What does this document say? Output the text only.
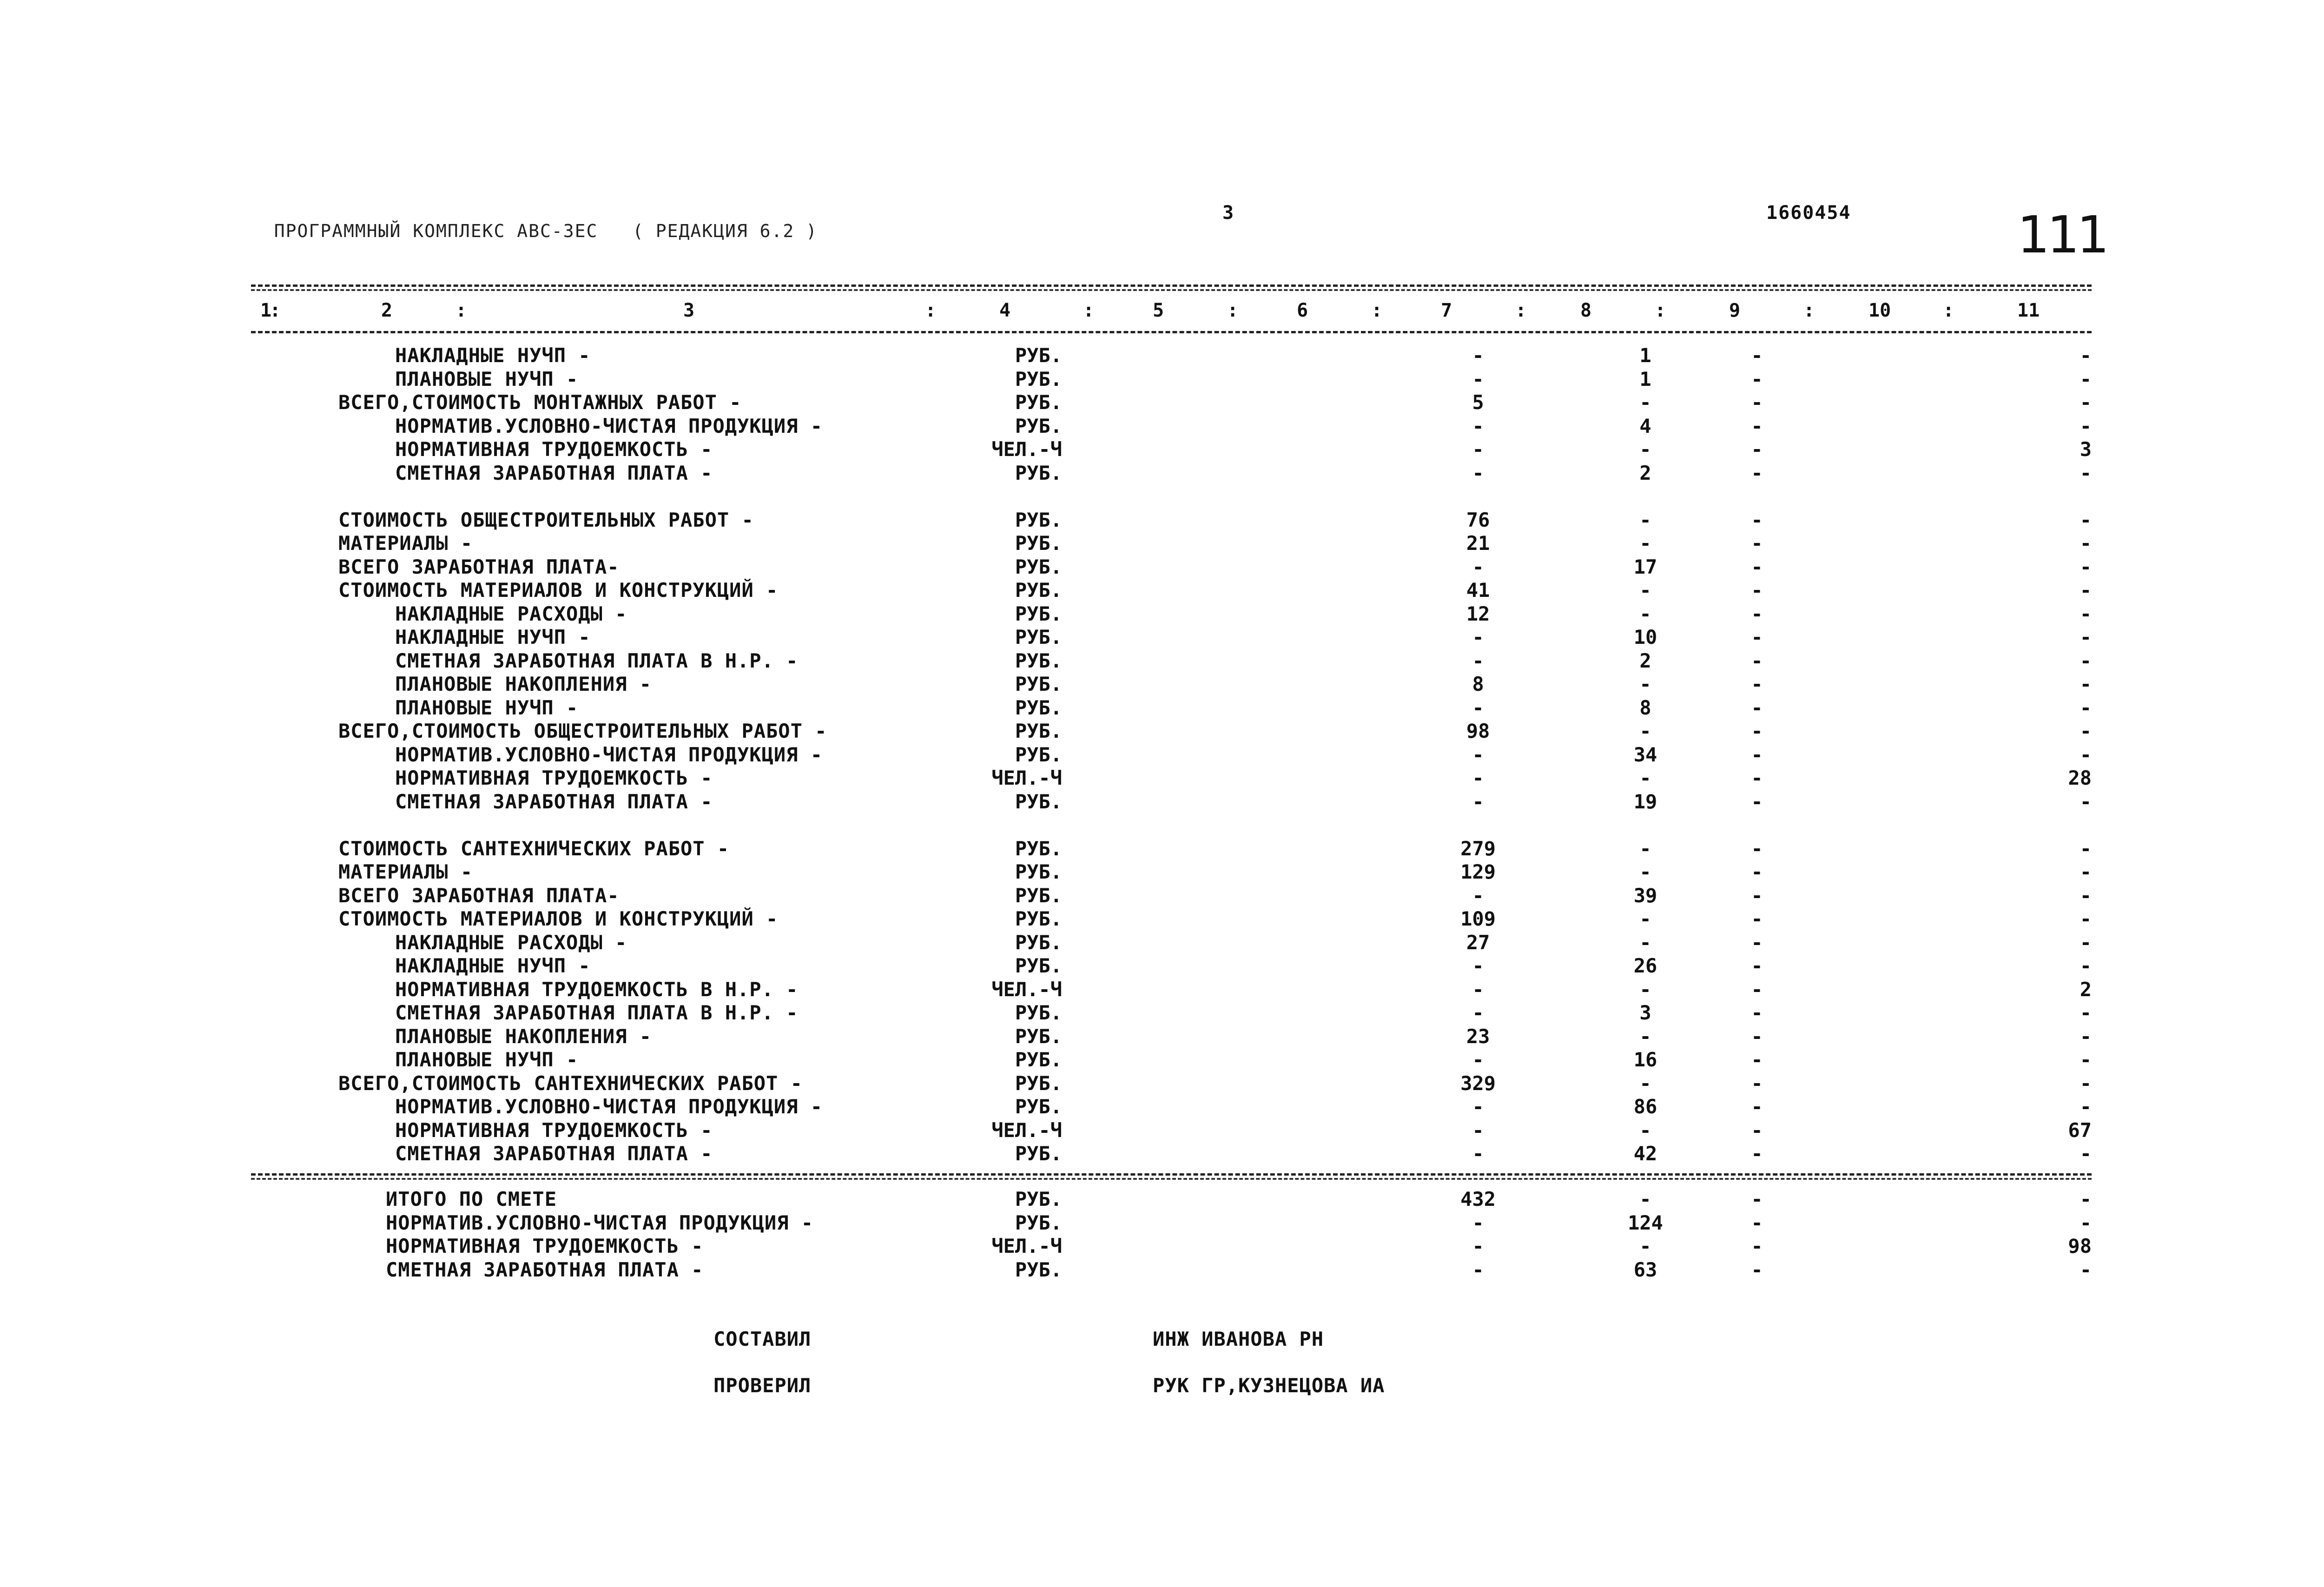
ПРОГРАММНЫЙ КОМПЛЕКС АВС-ЗЕС ( РЕДАКЦИЯ 6.2 )

3	1660454	111
1
:	2	:	3	:	4	:	5	:	6	:	7	:	8	:	9	:	10	:	11
НАКЛАДНЫЕ НУЧП -	РУБ.	-	1	-	-
ПЛАНОВЫЕ НУЧП -	РУБ.	-	1	-	-
ВСЕГО,СТОИМОСТЬ МОНТАЖНЫХ РАБОТ -	РУБ.	5	-	-	-
НОРМАТИВ.УСЛОВНО-ЧИСТАЯ ПРОДУКЦИЯ -	РУБ.	-	4	-	-
НОРМАТИВНАЯ ТРУДОЕМКОСТЬ -	ЧЕЛ.-Ч	-	-	-	3
СМЕТНАЯ ЗАРАБОТНАЯ ПЛАТА -	РУБ.	-	2	-	-
СТОИМОСТЬ ОБЩЕСТРОИТЕЛЬНЫХ РАБОТ -	РУБ.	76	-	-	-
МАТЕРИАЛЫ -	РУБ.	21	-	-	-
ВСЕГО ЗАРАБОТНАЯ ПЛАТА-	РУБ.	-	17	-	-
СТОИМОСТЬ МАТЕРИАЛОВ И КОНСТРУКЦИЙ -	РУБ.	41	-	-	-
НАКЛАДНЫЕ РАСХОДЫ -	РУБ.	12	-	-	-
НАКЛАДНЫЕ НУЧП -	РУБ.	-	10	-	-
СМЕТНАЯ ЗАРАБОТНАЯ ПЛАТА В Н.Р. -	РУБ.	-	2	-	-
ПЛАНОВЫЕ НАКОПЛЕНИЯ -	РУБ.	8	-	-	-
ПЛАНОВЫЕ НУЧП -	РУБ.	-	8	-	-
ВСЕГО,СТОИМОСТЬ ОБЩЕСТРОИТЕЛЬНЫХ РАБОТ -	РУБ.	98	-	-	-
НОРМАТИВ.УСЛОВНО-ЧИСТАЯ ПРОДУКЦИЯ -	РУБ.	-	34	-	-
НОРМАТИВНАЯ ТРУДОЕМКОСТЬ -	ЧЕЛ.-Ч	-	-	-	28
СМЕТНАЯ ЗАРАБОТНАЯ ПЛАТА -	РУБ.	-	19	-	-
СТОИМОСТЬ САНТЕХНИЧЕСКИХ РАБОТ -	РУБ.	279	-	-	-
МАТЕРИАЛЫ -	РУБ.	129	-	-	-
ВСЕГО ЗАРАБОТНАЯ ПЛАТА-	РУБ.	-	39	-	-
СТОИМОСТЬ МАТЕРИАЛОВ И КОНСТРУКЦИЙ -	РУБ.	109	-	-	-
НАКЛАДНЫЕ РАСХОДЫ -	РУБ.	27	-	-	-
НАКЛАДНЫЕ НУЧП -	РУБ.	-	26	-	-
НОРМАТИВНАЯ ТРУДОЕМКОСТЬ В Н.Р. -	ЧЕЛ.-Ч	-	-	-	2
СМЕТНАЯ ЗАРАБОТНАЯ ПЛАТА В Н.Р. -	РУБ.	-	3	-	-
ПЛАНОВЫЕ НАКОПЛЕНИЯ -	РУБ.	23	-	-	-
ПЛАНОВЫЕ НУЧП -	РУБ.	-	16	-	-
ВСЕГО,СТОИМОСТЬ САНТЕХНИЧЕСКИХ РАБОТ -	РУБ.	329	-	-	-
НОРМАТИВ.УСЛОВНО-ЧИСТАЯ ПРОДУКЦИЯ -	РУБ.	-	86	-	-
НОРМАТИВНАЯ ТРУДОЕМКОСТЬ -	ЧЕЛ.-Ч	-	-	-	67
СМЕТНАЯ ЗАРАБОТНАЯ ПЛАТА -	РУБ.	-	42	-	-
ИТОГО ПО СМЕТЕ	РУБ.	432	-	-	-
НОРМАТИВ.УСЛОВНО-ЧИСТАЯ ПРОДУКЦИЯ -	РУБ.	-	124	-	-
НОРМАТИВНАЯ ТРУДОЕМКОСТЬ -	ЧЕЛ.-Ч	-	-	-	98
СМЕТНАЯ ЗАРАБОТНАЯ ПЛАТА -	РУБ.	-	63	-	-
СОСТАВИЛ	ИНЖ ИВАНОВА РН
ПРОВЕРИЛ	РУК ГР,КУЗНЕЦОВА ИА
